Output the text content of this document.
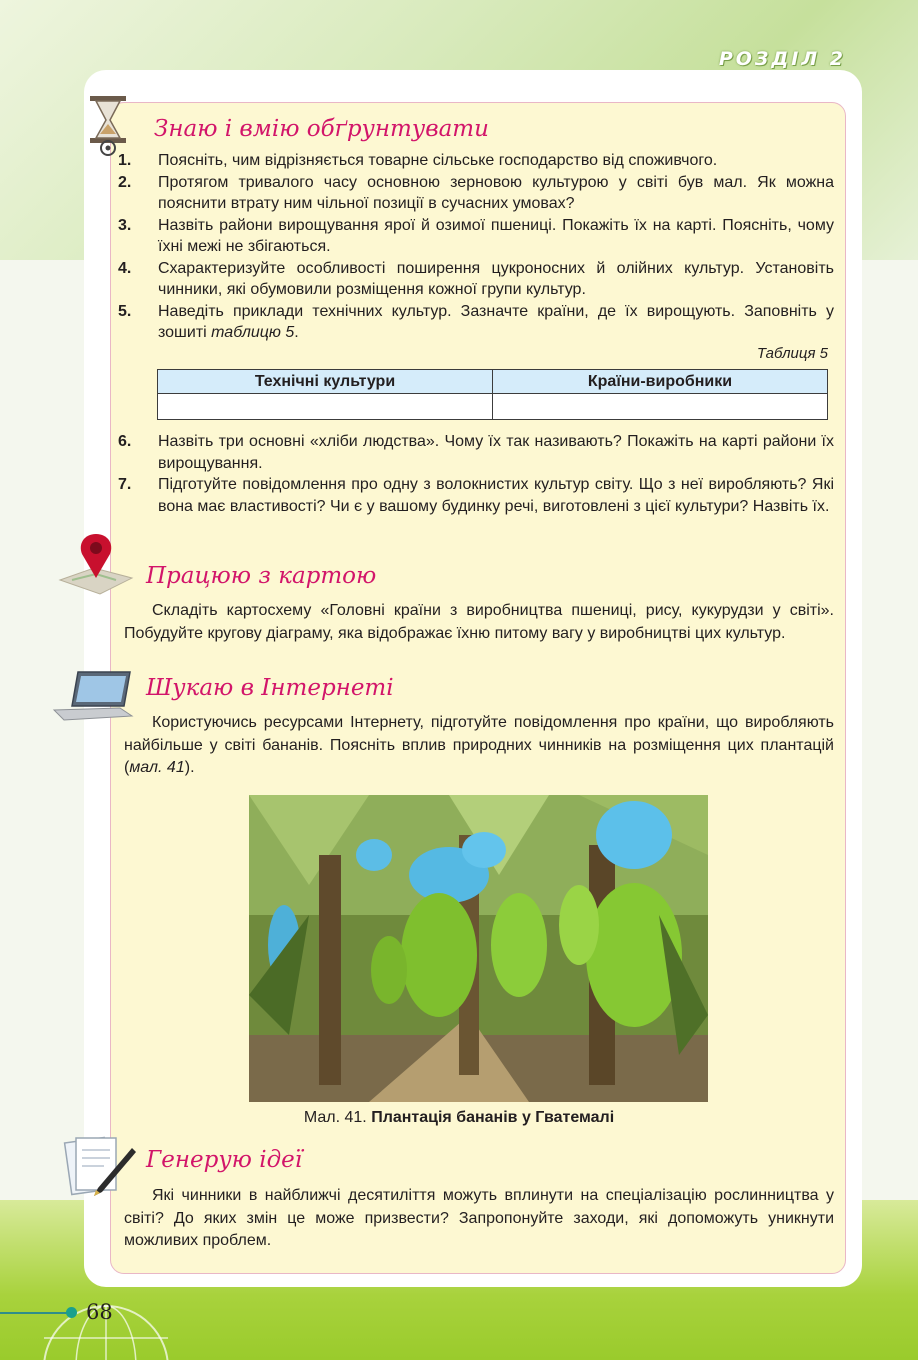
РОЗДІЛ 2
Знаю і вмію обґрунтувати
1. Поясніть, чим відрізняється товарне сільське господарство від споживчого.
2. Протягом тривалого часу основною зерновою культурою у світі був мал. Як можна пояснити втрату ним чільної позиції в сучасних умовах?
3. Назвіть райони вирощування ярої й озимої пшениці. Покажіть їх на карті. Поясніть, чому їхні межі не збігаються.
4. Схарактеризуйте особливості поширення цукроносних й олійних культур. Установіть чинники, які обумовили розміщення кожної групи культур.
5. Наведіть приклади технічних культур. Зазначте країни, де їх вирощують. Заповніть у зошиті таблицю 5.
Таблиця 5
Технічні культури	Країни-виробники

6. Назвіть три основні «хліби людства». Чому їх так називають? Покажіть на карті райони їх вирощування.
7. Підготуйте повідомлення про одну з волокнистих культур світу. Що з неї виробляють? Які вона має властивості? Чи є у вашому будинку речі, виготовлені з цієї культури? Назвіть їх.
Працюю з картою

Складіть картосхему «Головні країни з виробництва пшениці, рису, кукурудзи у світі». Побудуйте кругову діаграму, яка відображає їхню питому вагу у виробництві цих культур.

Шукаю в Інтернеті

Користуючись ресурсами Інтернету, підготуйте повідомлення про країни, що виробляють найбільше у світі бананів. Поясніть вплив природних чинників на розміщення цих плантацій (мал. 41).

Мал. 41. Плантація бананів у Гватемалі
Генерую ідеї

Які чинники в найближчі десятиліття можуть вплинути на спеціалізацію рослинництва у світі? До яких змін це може призвести? Запропонуйте заходи, які допоможуть уникнути можливих проблем.

68
